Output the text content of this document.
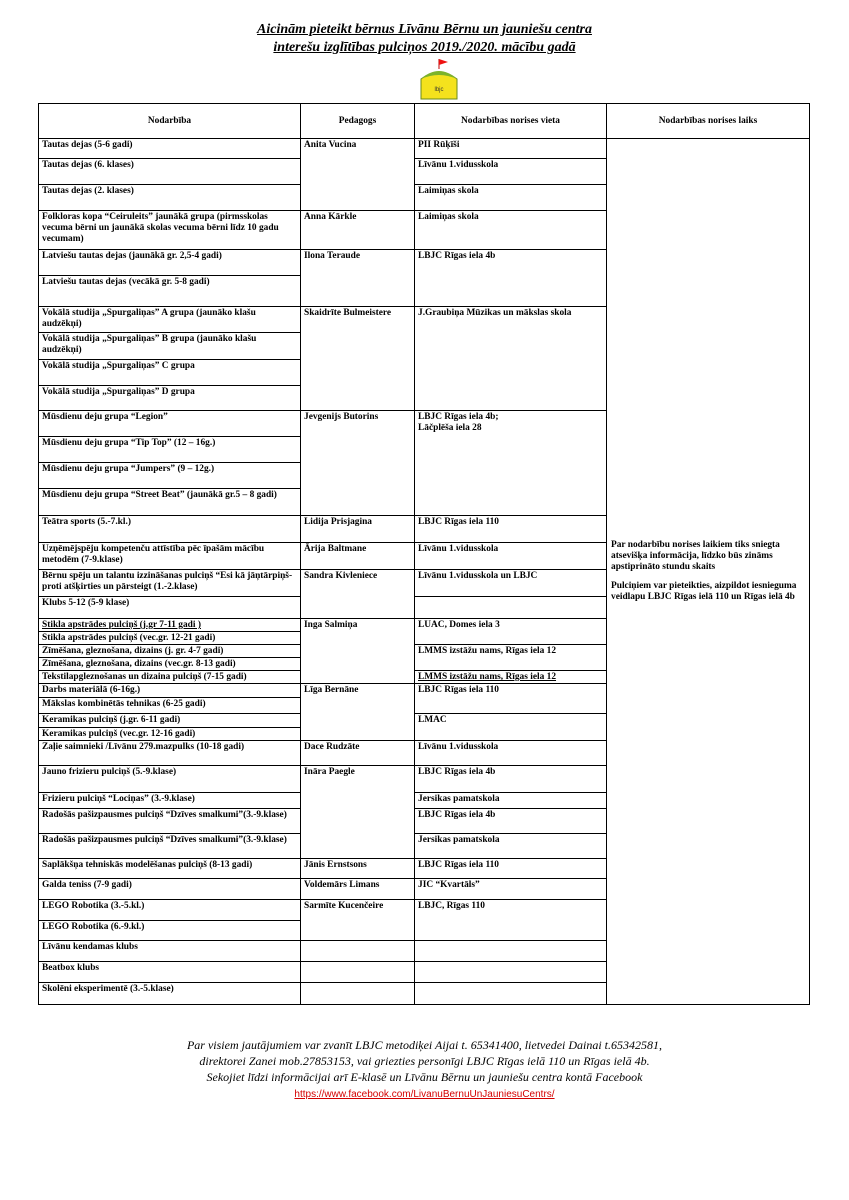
Aicinām pieteikt bērnus Līvānu Bērnu un jauniešu centra
interešu izglītības pulciņos 2019./2020. mācību gadā
lbjc
Nodarbība	Pedagogs	Nodarbības norises vieta	Nodarbības norises laiks
Tautas dejas (5-6 gadi)	Anita Vucina	PII Rūķīši	Par nodarbību norises laikiem tiks sniegta atsevišķa informācija, līdzko būs zināms apstiprināto stundu skaits
Pulciņiem var pieteikties, aizpildot iesnieguma veidlapu LBJC Rīgas ielā 110 un Rīgas ielā 4b

Tautas dejas (6. klases)		Līvānu 1.vidusskola	
Tautas dejas (2. klases)		Laimiņas skola	
Folkloras kopa “Ceiruleits” jaunākā grupa (pirmsskolas vecuma bērni un jaunākā skolas vecuma bērni līdz 10 gadu vecumam)	Anna Kārkle	Laimiņas skola	
Latviešu tautas dejas (jaunākā gr. 2,5-4 gadi)	Ilona Teraude	LBJC Rīgas iela 4b	
Latviešu tautas dejas (vecākā gr. 5-8 gadi)			
Vokālā studija „Spurgaliņas” A grupa (jaunāko klašu audzēkņi)	Skaidrīte Bulmeistere	J.Graubiņa Mūzikas un mākslas skola	
Vokālā studija „Spurgaliņas” B grupa (jaunāko klašu audzēkņi)			
Vokālā studija „Spurgaliņas” C grupa			
Vokālā studija „Spurgaliņas” D grupa			
Mūsdienu deju grupa “Legion”	Jevgenijs Butorins	LBJC Rīgas iela 4b;
Lāčplēša iela 28	

Mūsdienu deju grupa “Tip Top” (12 – 16g.)			
Mūsdienu deju grupa “Jumpers” (9 – 12g.)			
Mūsdienu deju grupa “Street Beat” (jaunākā gr.5 – 8 gadi)			
Teātra sports (5.-7.kl.)	Lidija Prisjagina	LBJC Rīgas iela 110	
Uzņēmējspēju kompetenču attīstība pēc īpašām mācību metodēm (7-9.klase)	Ārija Baltmane	Līvānu 1.vidusskola	
Bērnu spēju un talantu izzināšanas pulciņš “Esi kā jāņtārpiņš-proti atšķirties un pārsteigt (1.-2.klase)	Sandra Kivleniece	Līvānu 1.vidusskola un LBJC	
Klubs 5-12 (5-9 klase)			
Stikla apstrādes pulciņš (j.gr 7-11 gadi )	Inga Salmiņa	LUAC, Domes iela 3	
Stikla apstrādes pulciņš (vec.gr. 12-21 gadi)			
Zīmēšana, gleznošana, dizains (j. gr. 4-7 gadi)		LMMS izstāžu nams, Rīgas iela 12	
Zīmēšana, gleznošana, dizains (vec.gr. 8-13 gadi)			
Tekstilapgleznošanas un dizaina pulciņš (7-15 gadi)		LMMS izstāžu nams, Rīgas iela 12	
Darbs materiālā (6-16g.)	Līga Bernāne	LBJC Rīgas iela 110	
Mākslas kombinētās tehnikas (6-25 gadi)			
Keramikas pulciņš (j.gr. 6-11 gadi)		LMAC	
Keramikas pulciņš (vec.gr. 12-16 gadi)			
Zaļie saimnieki /Līvānu 279.mazpulks (10-18 gadi)	Dace Rudzāte	Līvānu 1.vidusskola	
Jauno frizieru pulciņš (5.-9.klase)	Ināra Paegle	LBJC Rīgas iela 4b	
Frizieru pulciņš “Lociņas” (3.-9.klase)		Jersikas pamatskola	
Radošās pašizpausmes pulciņš “Dzīves smalkumi”(3.-9.klase)		LBJC Rīgas iela 4b	
Radošās pašizpausmes pulciņš “Dzīves smalkumi”(3.-9.klase)		Jersikas pamatskola	
Saplākšņa tehniskās modelēšanas pulciņš (8-13 gadi)	Jānis Ernstsons	LBJC Rīgas iela 110	
Galda teniss (7-9 gadi)	Voldemārs Limans	JIC “Kvartāls”	
LEGO Robotika (3.-5.kl.)	Sarmīte Kucenčeire	LBJC, Rīgas 110	
LEGO Robotika (6.-9.kl.)			
Līvānu kendamas klubs			
Beatbox klubs			
Skolēni eksperimentē (3.-5.klase)			
Par visiem jautājumiem var zvanīt LBJC metodiķei Aijai t. 65341400, lietvedei Dainai t.65342581,
direktorei Zanei mob.27853153, vai griezties personīgi LBJC Rīgas ielā 110 un Rīgas ielā 4b.
Sekojiet līdzi informācijai arī E-klasē un Līvānu Bērnu un jauniešu centra kontā Facebook
https://www.facebook.com/LivanuBernuUnJauniesuCentrs/
